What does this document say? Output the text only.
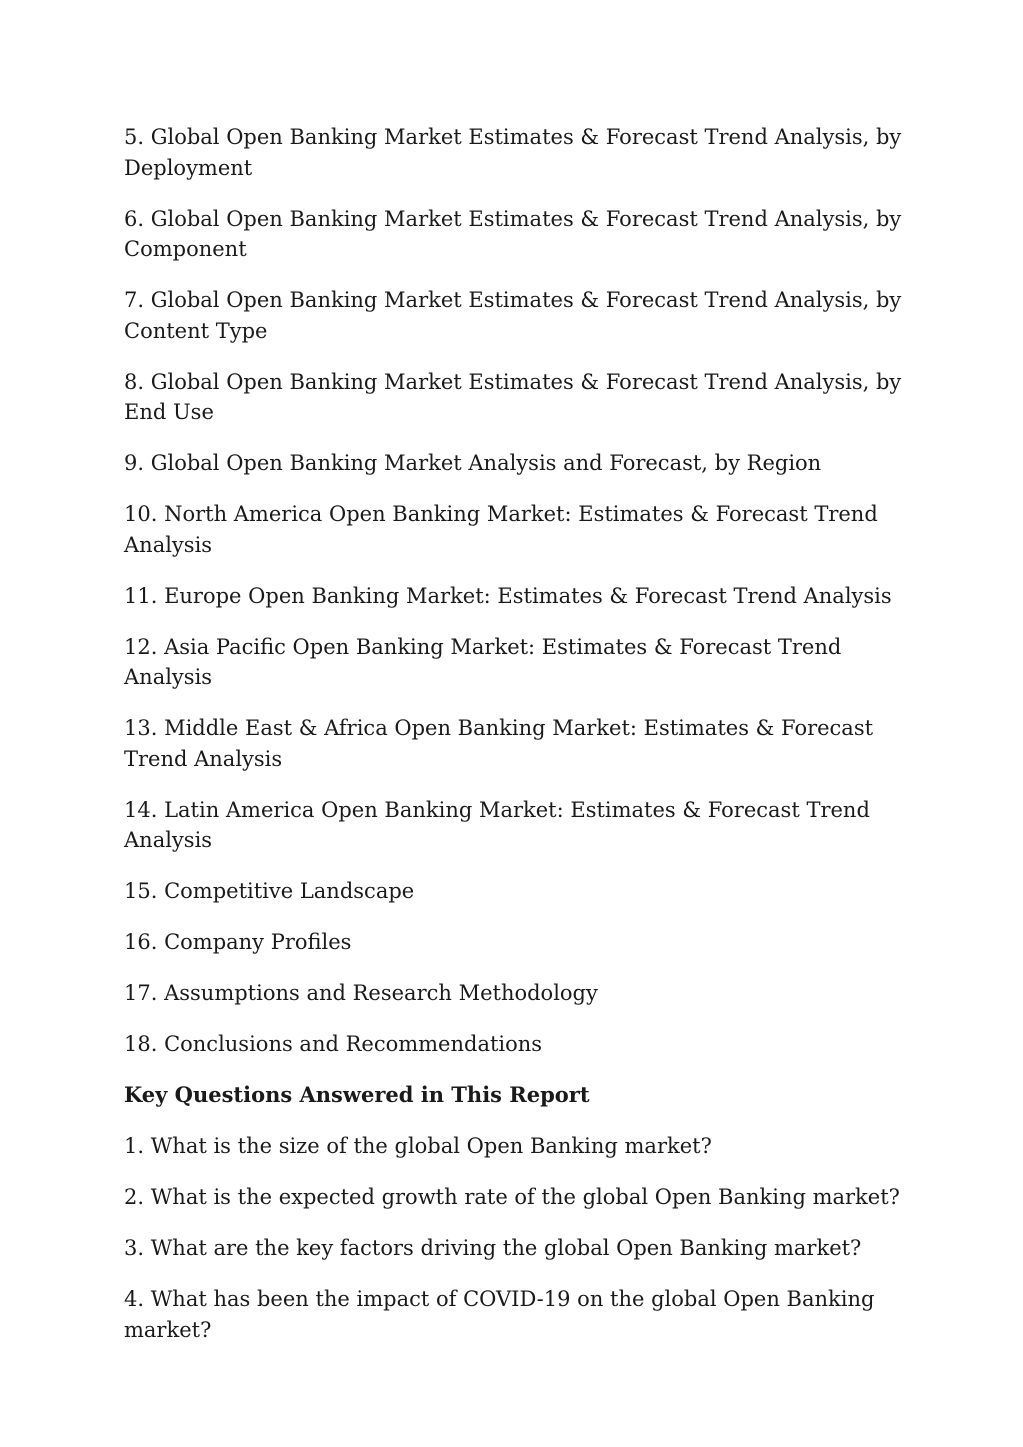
5. Global Open Banking Market Estimates & Forecast Trend Analysis, by Deployment

6. Global Open Banking Market Estimates & Forecast Trend Analysis, by Component

7. Global Open Banking Market Estimates & Forecast Trend Analysis, by Content Type

8. Global Open Banking Market Estimates & Forecast Trend Analysis, by End Use

9. Global Open Banking Market Analysis and Forecast, by Region

10. North America Open Banking Market: Estimates & Forecast Trend Analysis

11. Europe Open Banking Market: Estimates & Forecast Trend Analysis

12. Asia Pacific Open Banking Market: Estimates & Forecast Trend Analysis

13. Middle East & Africa Open Banking Market: Estimates & Forecast Trend Analysis

14. Latin America Open Banking Market: Estimates & Forecast Trend Analysis

15. Competitive Landscape

16. Company Profiles

17. Assumptions and Research Methodology

18. Conclusions and Recommendations

Key Questions Answered in This Report

1. What is the size of the global Open Banking market?

2. What is the expected growth rate of the global Open Banking market?

3. What are the key factors driving the global Open Banking market?

4. What has been the impact of COVID-19 on the global Open Banking market?
